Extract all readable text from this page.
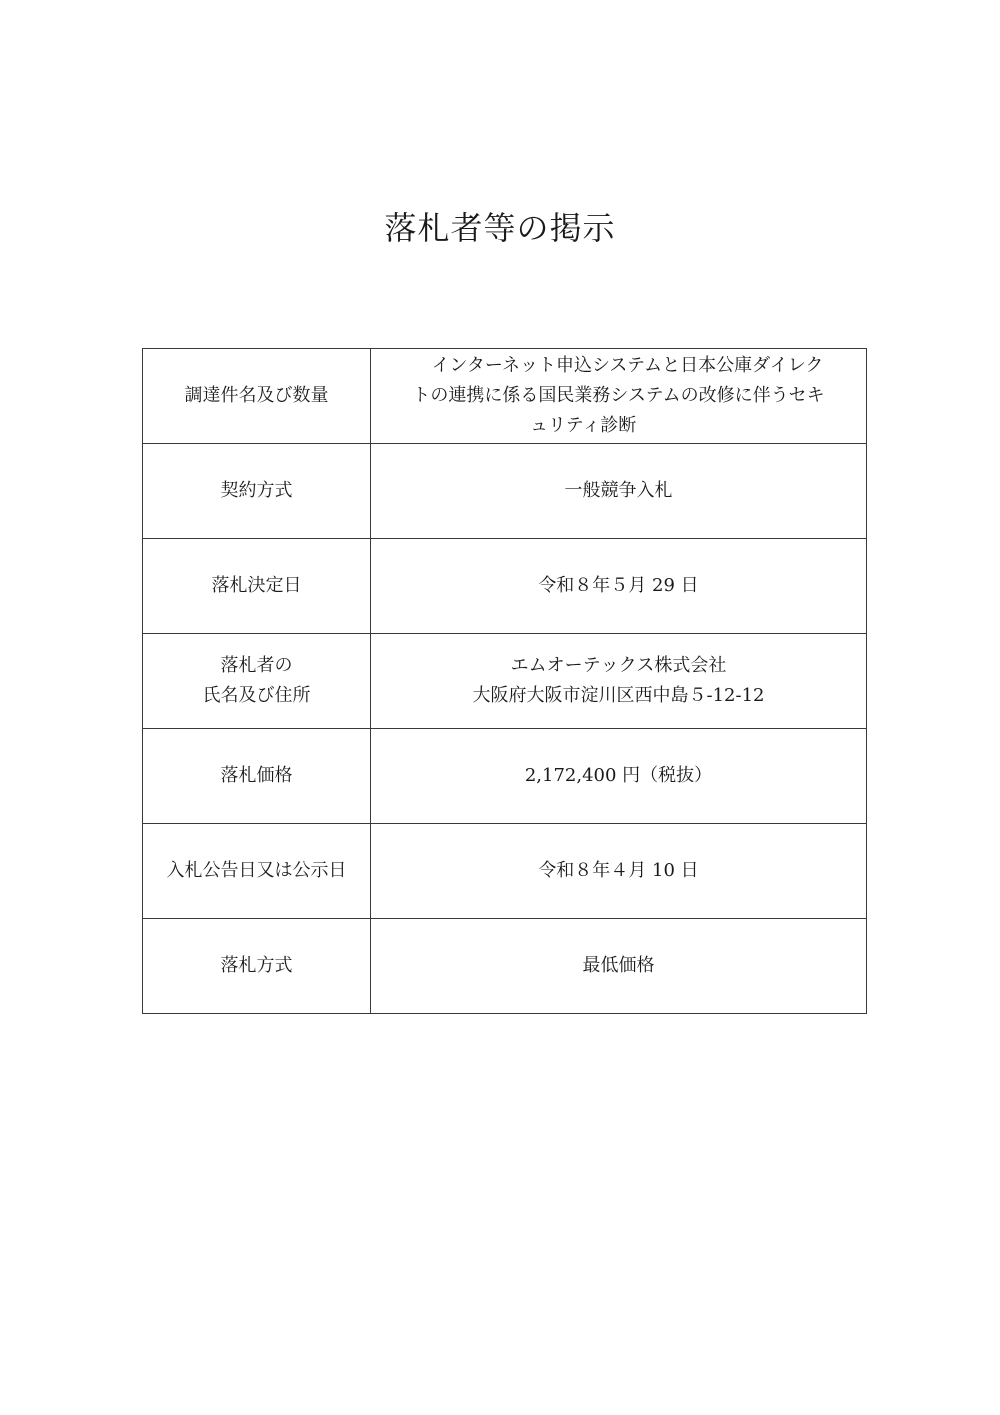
落札者等の掲示
調達件名及び数量	インターネット申込システムと日本公庫ダイレク
トの連携に係る国民業務システムの改修に伴うセキ
ュリティ診断

契約方式	一般競争入札

落札決定日	令和８年５月 29 日

落札者の
氏名及び住所	エムオーテックス株式会社
大阪府大阪市淀川区西中島５-12-12

落札価格	2,172,400 円（税抜）

入札公告日又は公示日	令和８年４月 10 日

落札方式	最低価格
